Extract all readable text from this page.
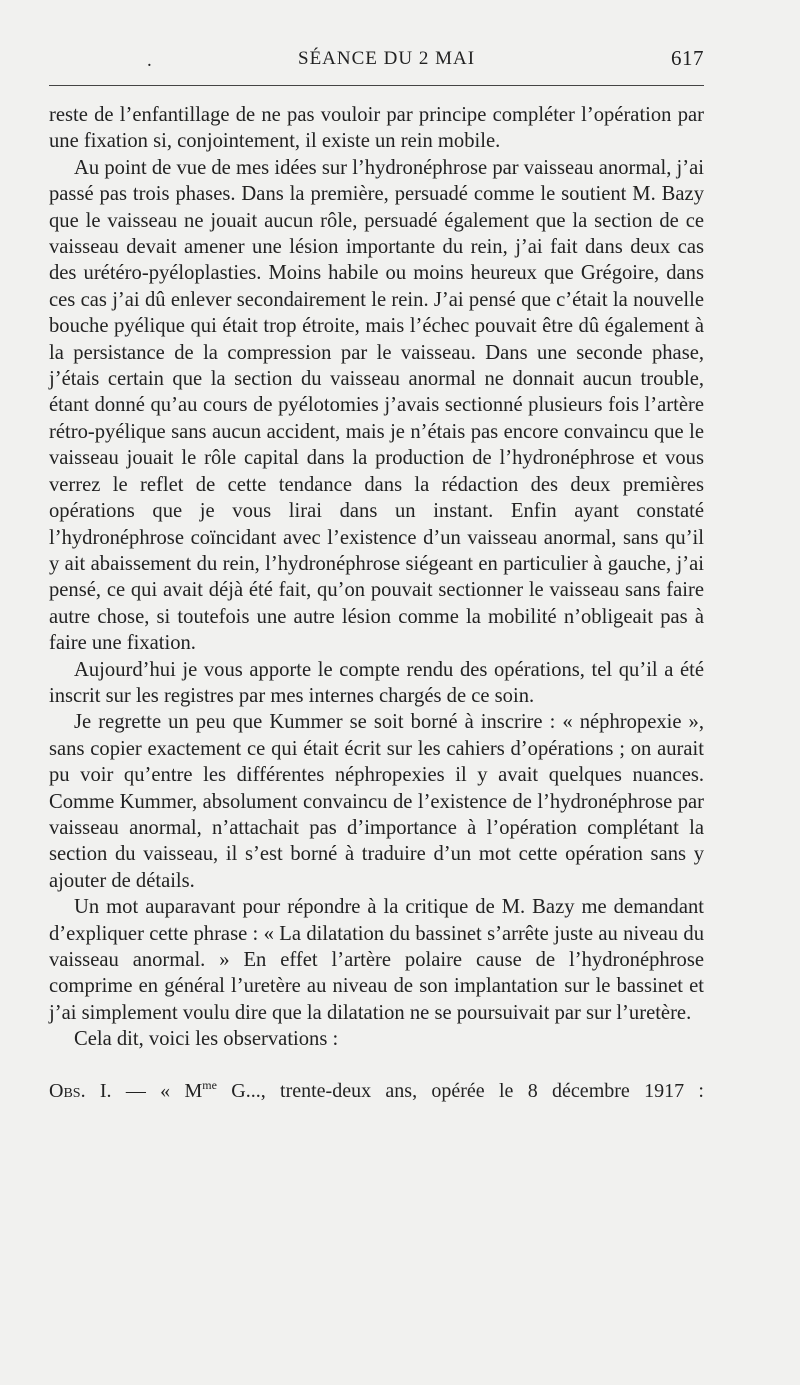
.	SÉANCE DU 2 MAI	617

reste de l’enfantillage de ne pas vouloir par principe compléter l’opération par une fixation si, conjointement, il existe un rein mobile.

Au point de vue de mes idées sur l’hydronéphrose par vaisseau anormal, j’ai passé pas trois phases. Dans la première, persuadé comme le soutient M. Bazy que le vaisseau ne jouait aucun rôle, persuadé également que la section de ce vaisseau devait amener une lésion importante du rein, j’ai fait dans deux cas des urétéro-pyéloplasties. Moins habile ou moins heureux que Grégoire, dans ces cas j’ai dû enlever secondairement le rein. J’ai pensé que c’était la nouvelle bouche pyélique qui était trop étroite, mais l’échec pouvait être dû également à la persistance de la compression par le vaisseau. Dans une seconde phase, j’étais certain que la section du vaisseau anormal ne donnait aucun trouble, étant donné qu’au cours de pyélotomies j’avais sectionné plusieurs fois l’artère rétro-pyélique sans aucun accident, mais je n’étais pas encore convaincu que le vaisseau jouait le rôle capital dans la production de l’hydronéphrose et vous verrez le reflet de cette tendance dans la rédaction des deux premières opérations que je vous lirai dans un instant. Enfin ayant constaté l’hydronéphrose coïncidant avec l’existence d’un vaisseau anormal, sans qu’il y ait abaissement du rein, l’hydronéphrose siégeant en particulier à gauche, j’ai pensé, ce qui avait déjà été fait, qu’on pouvait sectionner le vaisseau sans faire autre chose, si toutefois une autre lésion comme la mobilité n’obligeait pas à faire une fixation.

Aujourd’hui je vous apporte le compte rendu des opérations, tel qu’il a été inscrit sur les registres par mes internes chargés de ce soin.

Je regrette un peu que Kummer se soit borné à inscrire : « néphropexie », sans copier exactement ce qui était écrit sur les cahiers d’opérations ; on aurait pu voir qu’entre les différentes néphropexies il y avait quelques nuances. Comme Kummer, absolument convaincu de l’existence de l’hydronéphrose par vaisseau anormal, n’attachait pas d’importance à l’opération complétant la section du vaisseau, il s’est borné à traduire d’un mot cette opération sans y ajouter de détails.

Un mot auparavant pour répondre à la critique de M. Bazy me demandant d’expliquer cette phrase : « La dilatation du bassinet s’arrête juste au niveau du vaisseau anormal. » En effet l’artère polaire cause de l’hydronéphrose comprime en général l’uretère au niveau de son implantation sur le bassinet et j’ai simplement voulu dire que la dilatation ne se poursuivait par sur l’uretère.

Cela dit, voici les observations :

Obs. I. — « $M^{me}$ G..., trente-deux ans, opérée le 8 décembre 1917 :
